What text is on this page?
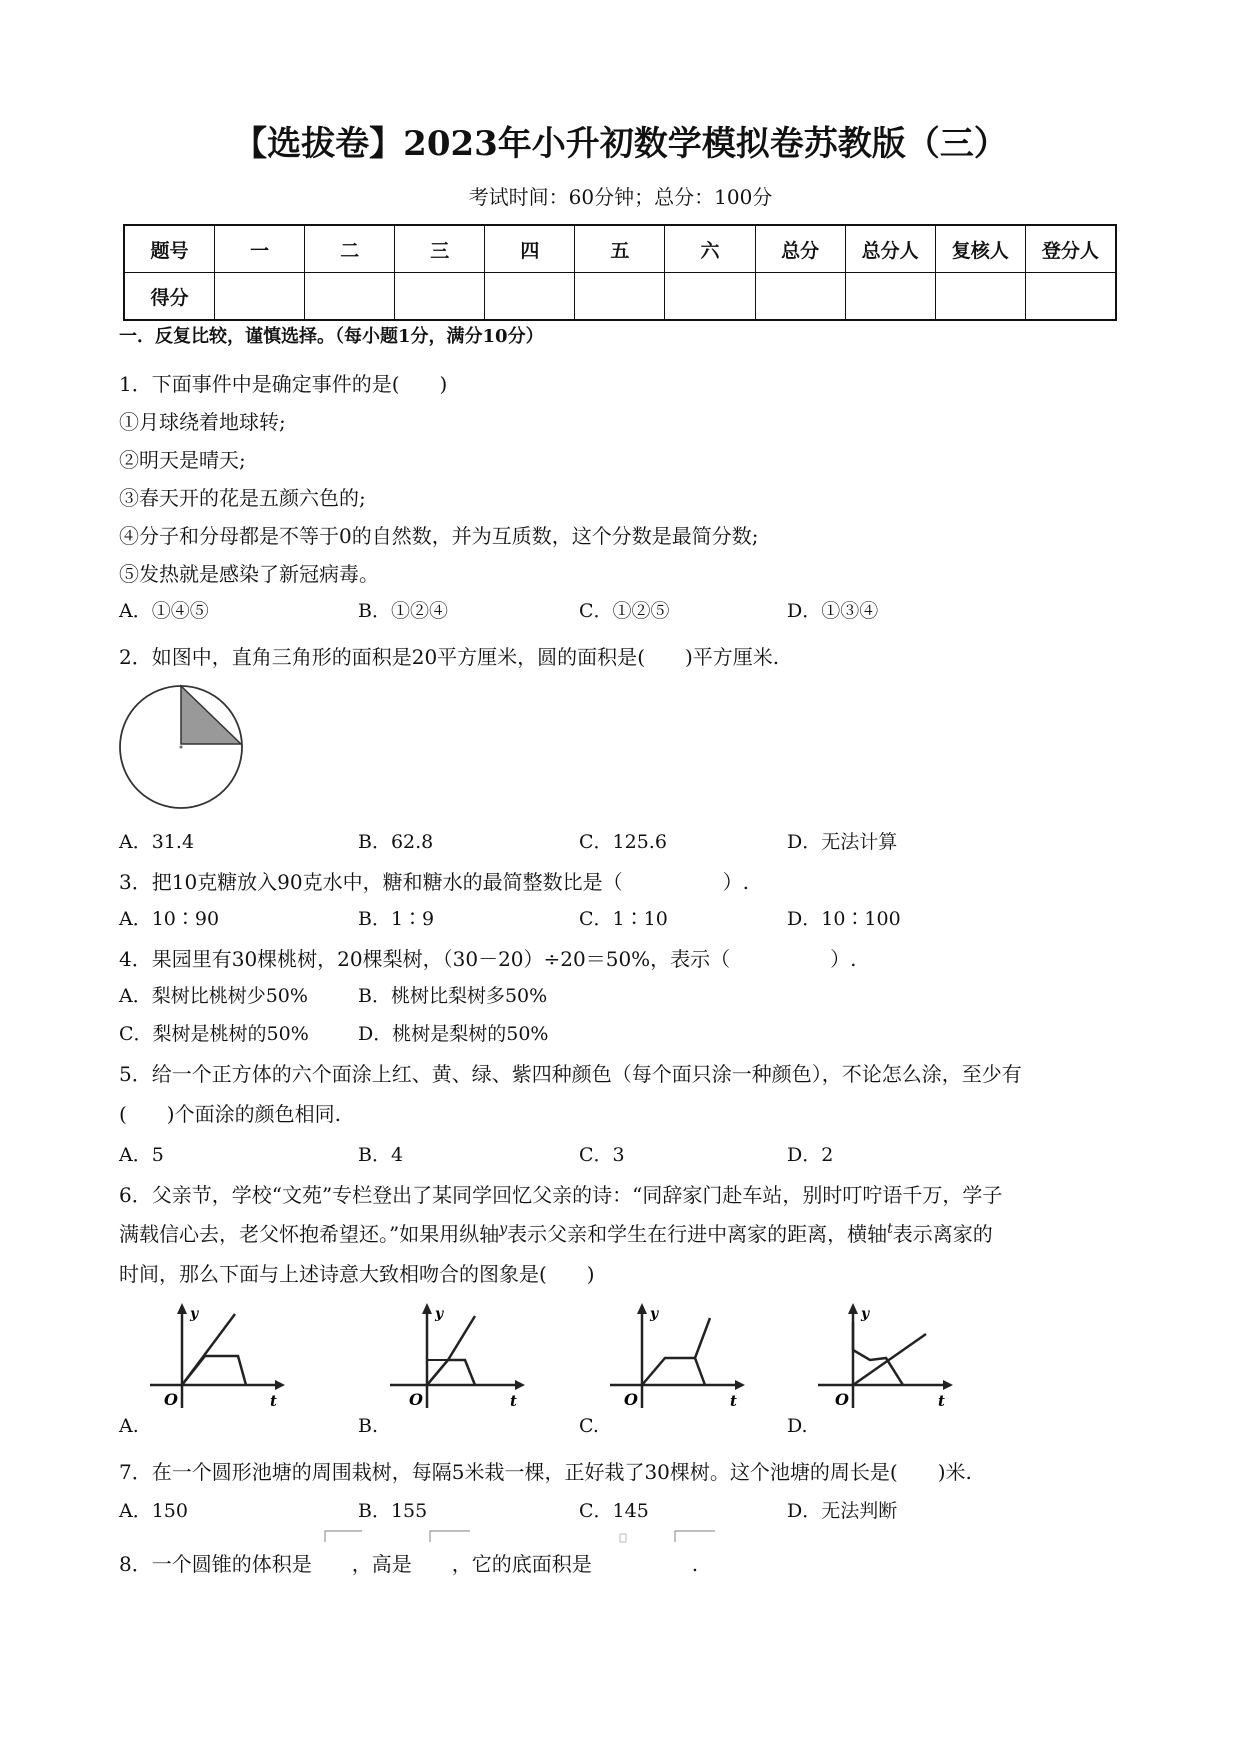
【选拔卷】2023年小升初数学模拟卷苏教版（三）
考试时间：60分钟；总分：100分
题号	一	二	三	四	五	六	总分	总分人	复核人	登分人
得分										
一．反复比较，谨慎选择。（每小题1分，满分10分）
1．下面事件中是确定事件的是(　　)
①月球绕着地球转;
②明天是晴天;
③春天开的花是五颜六色的;
④分子和分母都是不等于0的自然数，并为互质数，这个分数是最简分数;
⑤发热就是感染了新冠病毒。
A．①④⑤	B．①②④	C．①②⑤	D．①③④
2．如图中，直角三角形的面积是20平方厘米，圆的面积是(　　)平方厘米.
A．31.4	B．62.8	C．125.6	D．无法计算
3．把10克糖放入90克水中，糖和糖水的最简整数比是（　　　　　）.
A．10∶90	B．1∶9	C．1∶10	D．10∶100
4．果园里有30棵桃树，20棵梨树，（30－20）÷20＝50%，表示（　　　　　）.
A．梨树比桃树少50%	B．桃树比梨树多50%
C．梨树是桃树的50%	D．桃树是梨树的50%
5．给一个正方体的六个面涂上红、黄、绿、紫四种颜色（每个面只涂一种颜色），不论怎么涂，至少有
(　　)个面涂的颜色相同.
A．5	B．4	C．3	D．2
6．父亲节，学校“文苑”专栏登出了某同学回忆父亲的诗：“同辞家门赴车站，别时叮咛语千万，学子
满载信心去，老父怀抱希望还。”如果用纵轴$^y$表示父亲和学生在行进中离家的距离，横轴$^t$表示离家的
时间，那么下面与上述诗意大致相吻合的图象是(　　)
y
t
O
A.
y
t
O
B.
y
t
O
C.
y
t
O
D.
7．在一个圆形池塘的周围栽树，每隔5米栽一棵，正好栽了30棵树。这个池塘的周长是(　　)米.
A．150	B．155	C．145	D．无法判断
8．一个圆锥的体积是 ，高是 ，它的底面积是	.
